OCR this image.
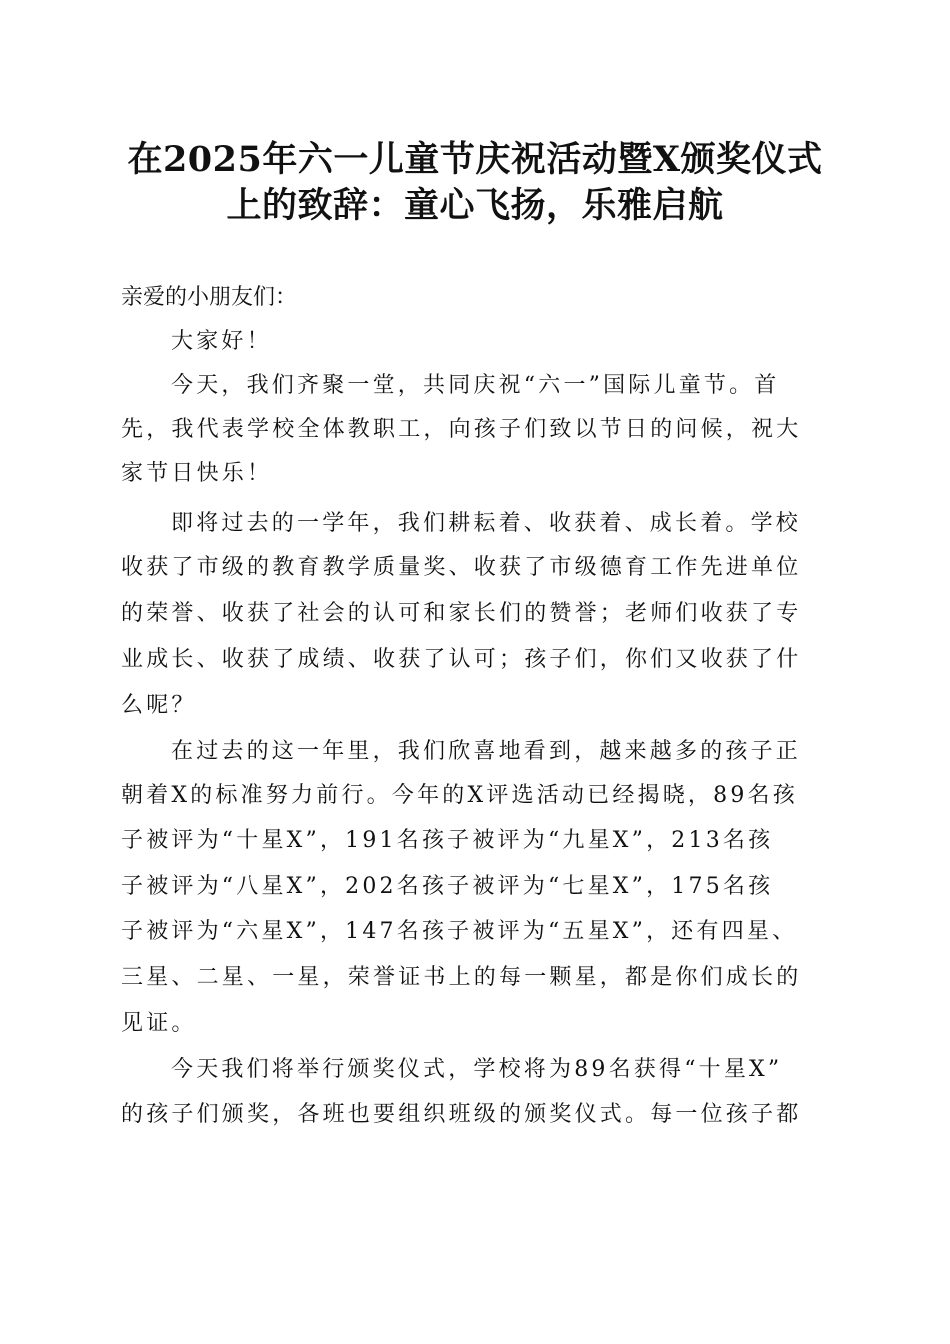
在2025年六一儿童节庆祝活动暨X颁奖仪式
上的致辞：童心飞扬，乐雅启航
亲爱的小朋友们：
大家好！
今天，我们齐聚一堂，共同庆祝“六一”国际儿童节。首
先，我代表学校全体教职工，向孩子们致以节日的问候，祝大
家节日快乐！
即将过去的一学年，我们耕耘着、收获着、成长着。学校
收获了市级的教育教学质量奖、收获了市级德育工作先进单位
的荣誉、收获了社会的认可和家长们的赞誉；老师们收获了专
业成长、收获了成绩、收获了认可；孩子们，你们又收获了什
么呢？
在过去的这一年里，我们欣喜地看到，越来越多的孩子正
朝着X的标准努力前行。今年的X评选活动已经揭晓，89名孩
子被评为“十星X”，191名孩子被评为“九星X”，213名孩
子被评为“八星X”，202名孩子被评为“七星X”，175名孩
子被评为“六星X”，147名孩子被评为“五星X”，还有四星、
三星、二星、一星，荣誉证书上的每一颗星，都是你们成长的
见证。
今天我们将举行颁奖仪式，学校将为89名获得“十星X”
的孩子们颁奖，各班也要组织班级的颁奖仪式。每一位孩子都
